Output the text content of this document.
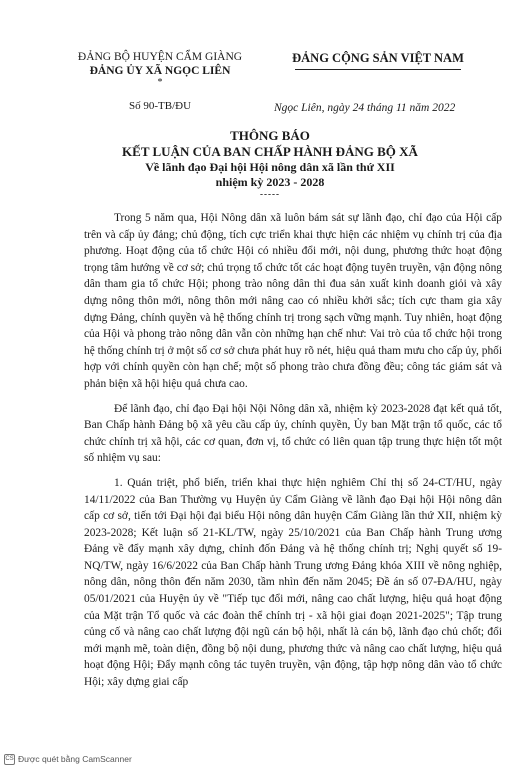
ĐẢNG BỘ HUYỆN CẨM GIÀNG
ĐẢNG ỦY XÃ NGỌC LIÊN
*
Số 90-TB/ĐU
ĐẢNG CỘNG SẢN VIỆT NAM
Ngọc Liên, ngày 24 tháng 11 năm 2022
THÔNG BÁO
KẾT LUẬN CỦA BAN CHẤP HÀNH ĐẢNG BỘ XÃ
Về lãnh đạo Đại hội Hội nông dân xã lần thứ XII
nhiệm kỳ 2023 - 2028
-----

Trong 5 năm qua, Hội Nông dân xã luôn bám sát sự lãnh đạo, chỉ đạo của Hội cấp trên và cấp ủy đảng; chủ động, tích cực triển khai thực hiện các nhiệm vụ chính trị của địa phương. Hoạt động của tổ chức Hội có nhiều đổi mới, nội dung, phương thức hoạt động trọng tâm hướng về cơ sở; chú trọng tổ chức tốt các hoạt động tuyên truyền, vận động nông dân tham gia tổ chức Hội; phong trào nông dân thi đua sản xuất kinh doanh giỏi và xây dựng nông thôn mới, nông thôn mới nâng cao có nhiều khởi sắc; tích cực tham gia xây dựng Đảng, chính quyền và hệ thống chính trị trong sạch vững mạnh. Tuy nhiên, hoạt động của Hội và phong trào nông dân vẫn còn những hạn chế như: Vai trò của tổ chức hội trong hệ thống chính trị ở một số cơ sở chưa phát huy rõ nét, hiệu quả tham mưu cho cấp ủy, phối hợp với chính quyền còn hạn chế; một số phong trào chưa đồng đều; công tác giám sát và phản biện xã hội hiệu quả chưa cao.

Để lãnh đạo, chỉ đạo Đại hội Nội Nông dân xã, nhiệm kỳ 2023-2028 đạt kết quả tốt, Ban Chấp hành Đảng bộ xã yêu cầu cấp ủy, chính quyền, Ủy ban Mặt trận tổ quốc, các tổ chức chính trị xã hội, các cơ quan, đơn vị, tổ chức có liên quan tập trung thực hiện tốt một số nhiệm vụ sau:

1. Quán triệt, phổ biến, triển khai thực hiện nghiêm Chỉ thị số 24-CT/HU, ngày 14/11/2022 của Ban Thường vụ Huyện ủy Cẩm Giàng về lãnh đạo Đại hội Hội nông dân cấp cơ sở, tiến tới Đại hội đại biểu Hội nông dân huyện Cẩm Giàng lần thứ XII, nhiệm kỳ 2023-2028; Kết luận số 21-KL/TW, ngày 25/10/2021 của Ban Chấp hành Trung ương Đảng về đẩy mạnh xây dựng, chỉnh đốn Đảng và hệ thống chính trị; Nghị quyết số 19-NQ/TW, ngày 16/6/2022 của Ban Chấp hành Trung ương Đảng khóa XIII về nông nghiệp, nông dân, nông thôn đến năm 2030, tầm nhìn đến năm 2045; Đề án số 07-ĐA/HU, ngày 05/01/2021 của Huyện ủy về "Tiếp tục đổi mới, nâng cao chất lượng, hiệu quả hoạt động của Mặt trận Tổ quốc và các đoàn thể chính trị - xã hội giai đoạn 2021-2025"; Tập trung củng cố và nâng cao chất lượng đội ngũ cán bộ hội, nhất là cán bộ, lãnh đạo chủ chốt; đổi mới mạnh mẽ, toàn diện, đồng bộ nội dung, phương thức và nâng cao chất lượng, hiệu quả hoạt động Hội; Đẩy mạnh công tác tuyên truyền, vận động, tập hợp nông dân vào tổ chức Hội; xây dựng giai cấp

CS Được quét bằng CamScanner
